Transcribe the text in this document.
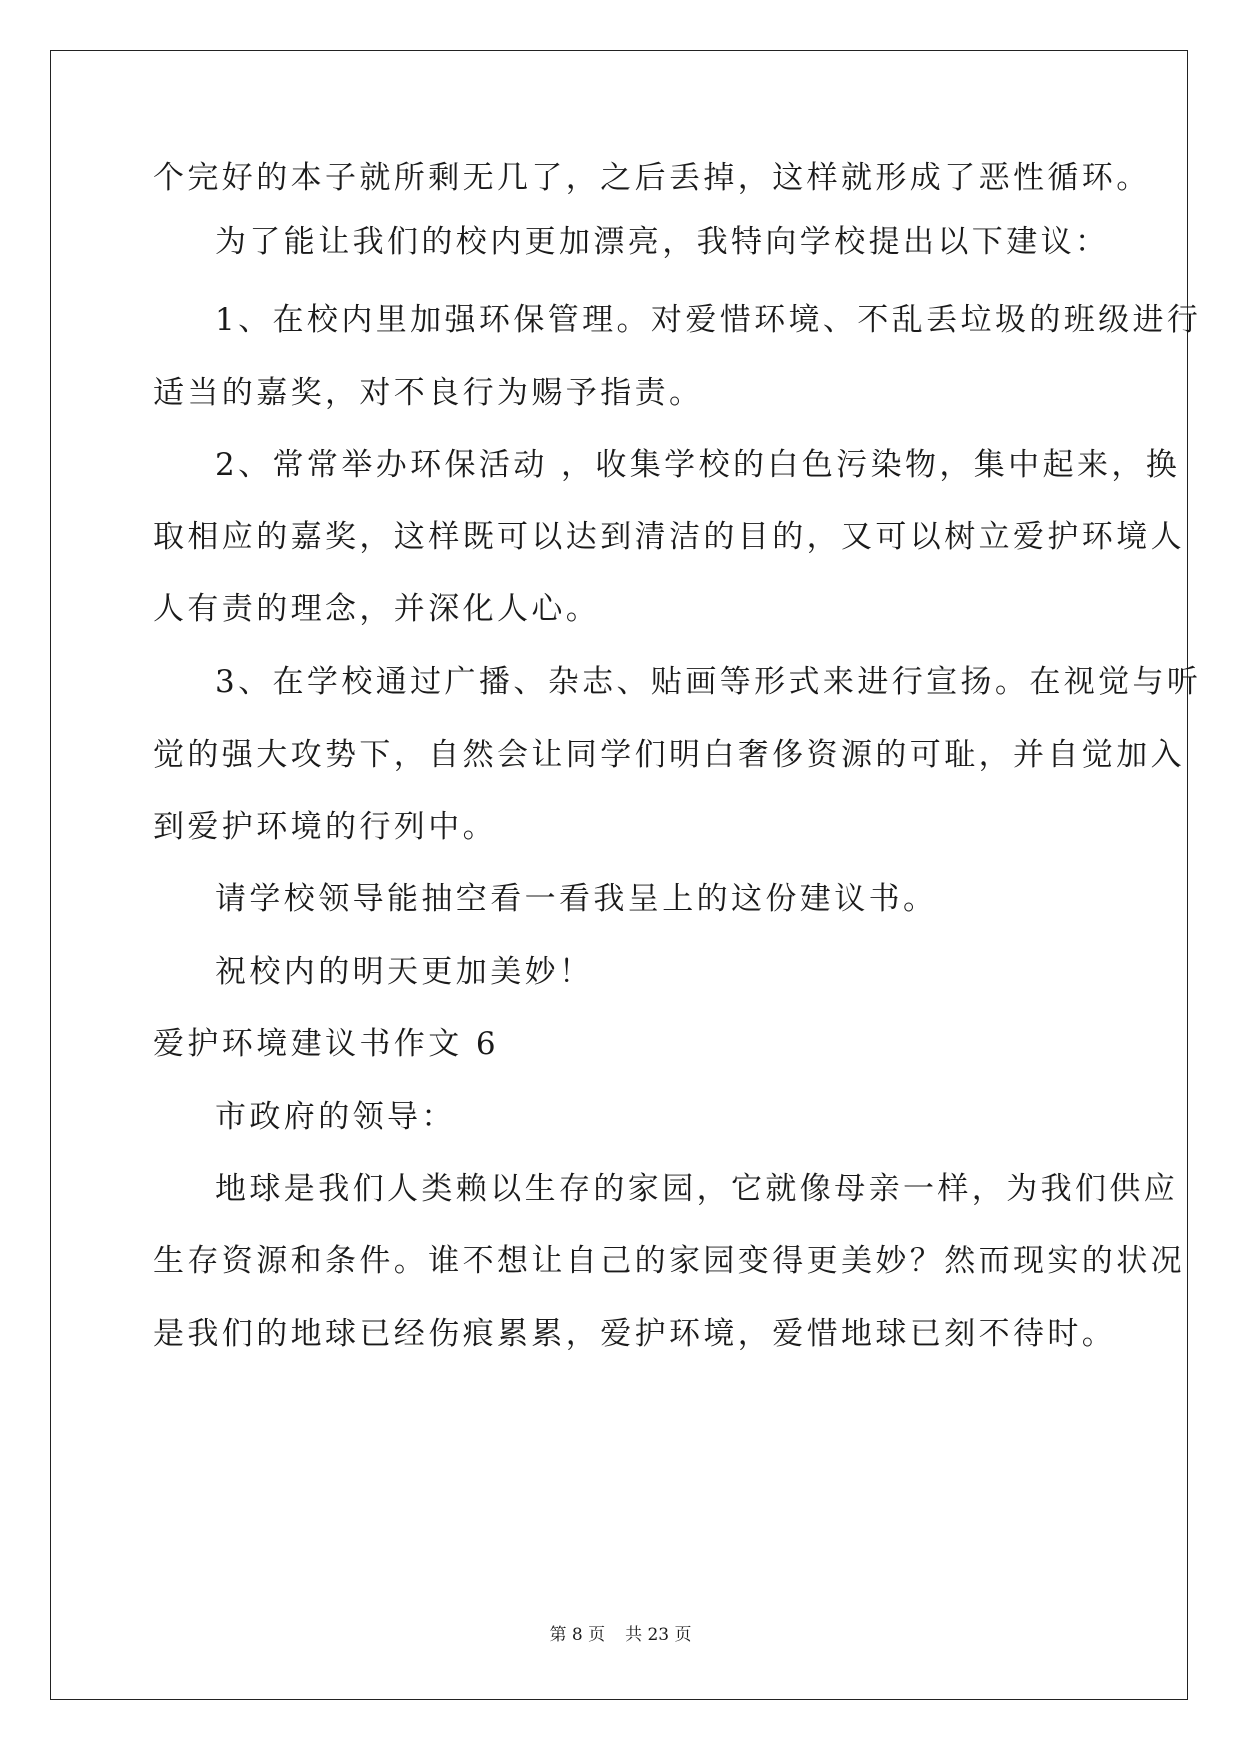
个完好的本子就所剩无几了，之后丢掉，这样就形成了恶性循环。
为了能让我们的校内更加漂亮，我特向学校提出以下建议：
1、在校内里加强环保管理。对爱惜环境、不乱丢垃圾的班级进行
适当的嘉奖，对不良行为赐予指责。
2、常常举办环保活动 ，收集学校的白色污染物，集中起来，换
取相应的嘉奖，这样既可以达到清洁的目的，又可以树立爱护环境人
人有责的理念，并深化人心。
3、在学校通过广播、杂志、贴画等形式来进行宣扬。在视觉与听
觉的强大攻势下，自然会让同学们明白奢侈资源的可耻，并自觉加入
到爱护环境的行列中。
请学校领导能抽空看一看我呈上的这份建议书。
祝校内的明天更加美妙！
爱护环境建议书作文 6
市政府的领导：
地球是我们人类赖以生存的家园，它就像母亲一样，为我们供应
生存资源和条件。谁不想让自己的家园变得更美妙？然而现实的状况
是我们的地球已经伤痕累累，爱护环境，爱惜地球已刻不待时。
第 8 页 共 23 页
